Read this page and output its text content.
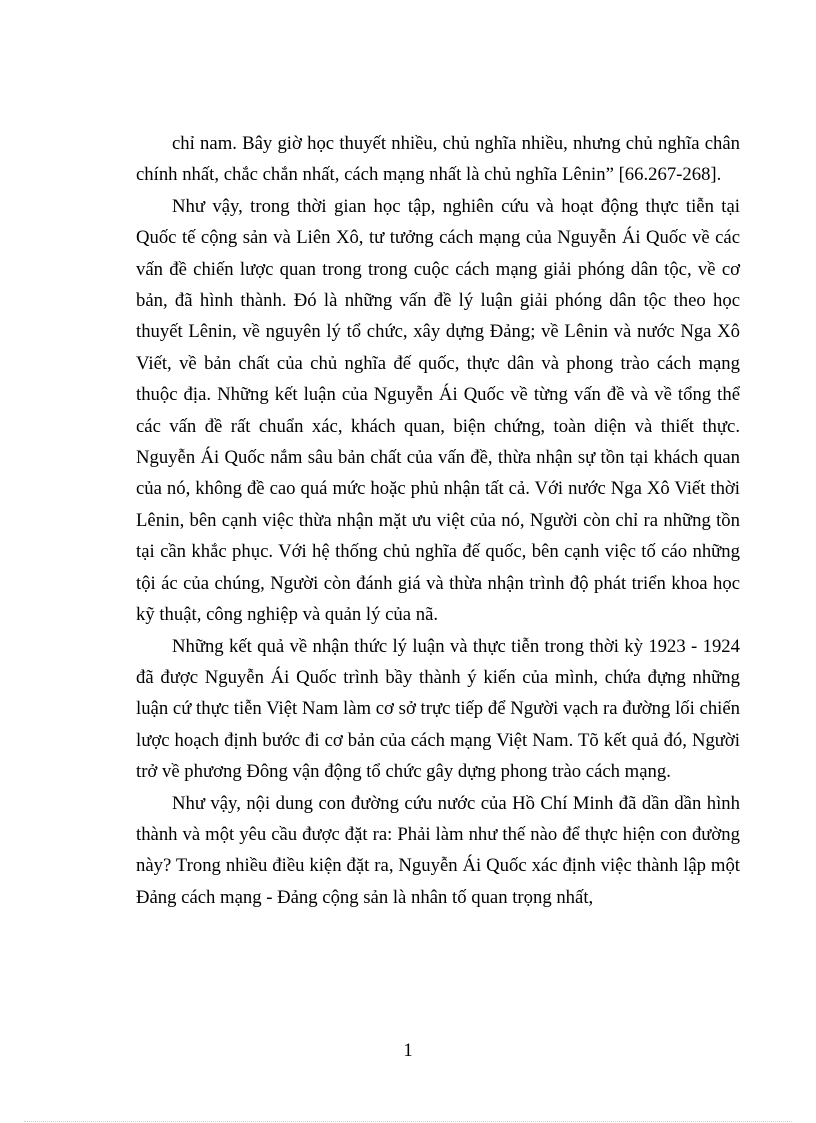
chỉ nam. Bây giờ học thuyết nhiều, chủ nghĩa nhiều, nhưng chủ nghĩa chân chính nhất, chắc chắn nhất, cách mạng nhất là chủ nghĩa Lênin” [66.267-268].

Như vậy, trong thời gian học tập, nghiên cứu và hoạt động thực tiễn tại Quốc tế cộng sản và Liên Xô, tư tưởng cách mạng của Nguyễn Ái Quốc về các vấn đề chiến lược quan trong trong cuộc cách mạng giải phóng dân tộc, về cơ bản, đã hình thành. Đó là những vấn đề lý luận giải phóng dân tộc theo học thuyết Lênin, về nguyên lý tổ chức, xây dựng Đảng; về Lênin và nước Nga Xô Viết, về bản chất của chủ nghĩa đế quốc, thực dân và phong trào cách mạng thuộc địa. Những kết luận của Nguyễn Ái Quốc về từng vấn đề và về tổng thể các vấn đề rất chuẩn xác, khách quan, biện chứng, toàn diện và thiết thực. Nguyễn Ái Quốc nắm sâu bản chất của vấn đề, thừa nhận sự tồn tại khách quan của nó, không đề cao quá mức hoặc phủ nhận tất cả. Với nước Nga Xô Viết thời Lênin, bên cạnh việc thừa nhận mặt ưu việt của nó, Người còn chỉ ra những tồn tại cần khắc phục. Với hệ thống chủ nghĩa đế quốc, bên cạnh việc tố cáo những tội ác của chúng, Người còn đánh giá và thừa nhận trình độ phát triển khoa học kỹ thuật, công nghiệp và quản lý của nã.

Những kết quả về nhận thức lý luận và thực tiễn trong thời kỳ 1923 - 1924 đã được Nguyễn Ái Quốc trình bầy thành ý kiến của mình, chứa đựng những luận cứ thực tiễn Việt Nam làm cơ sở trực tiếp để Người vạch ra đường lối chiến lược hoạch định bước đi cơ bản của cách mạng Việt Nam. Tõ kết quả đó, Người trở về phương Đông vận động tổ chức gây dựng phong trào cách mạng.

Như vậy, nội dung con đường cứu nước của Hồ Chí Minh đã dần dần hình thành và một yêu cầu được đặt ra: Phải làm như thế nào để thực hiện con đường này? Trong nhiều điều kiện đặt ra, Nguyễn Ái Quốc xác định việc thành lập một Đảng cách mạng - Đảng cộng sản là nhân tố quan trọng nhất,

1
